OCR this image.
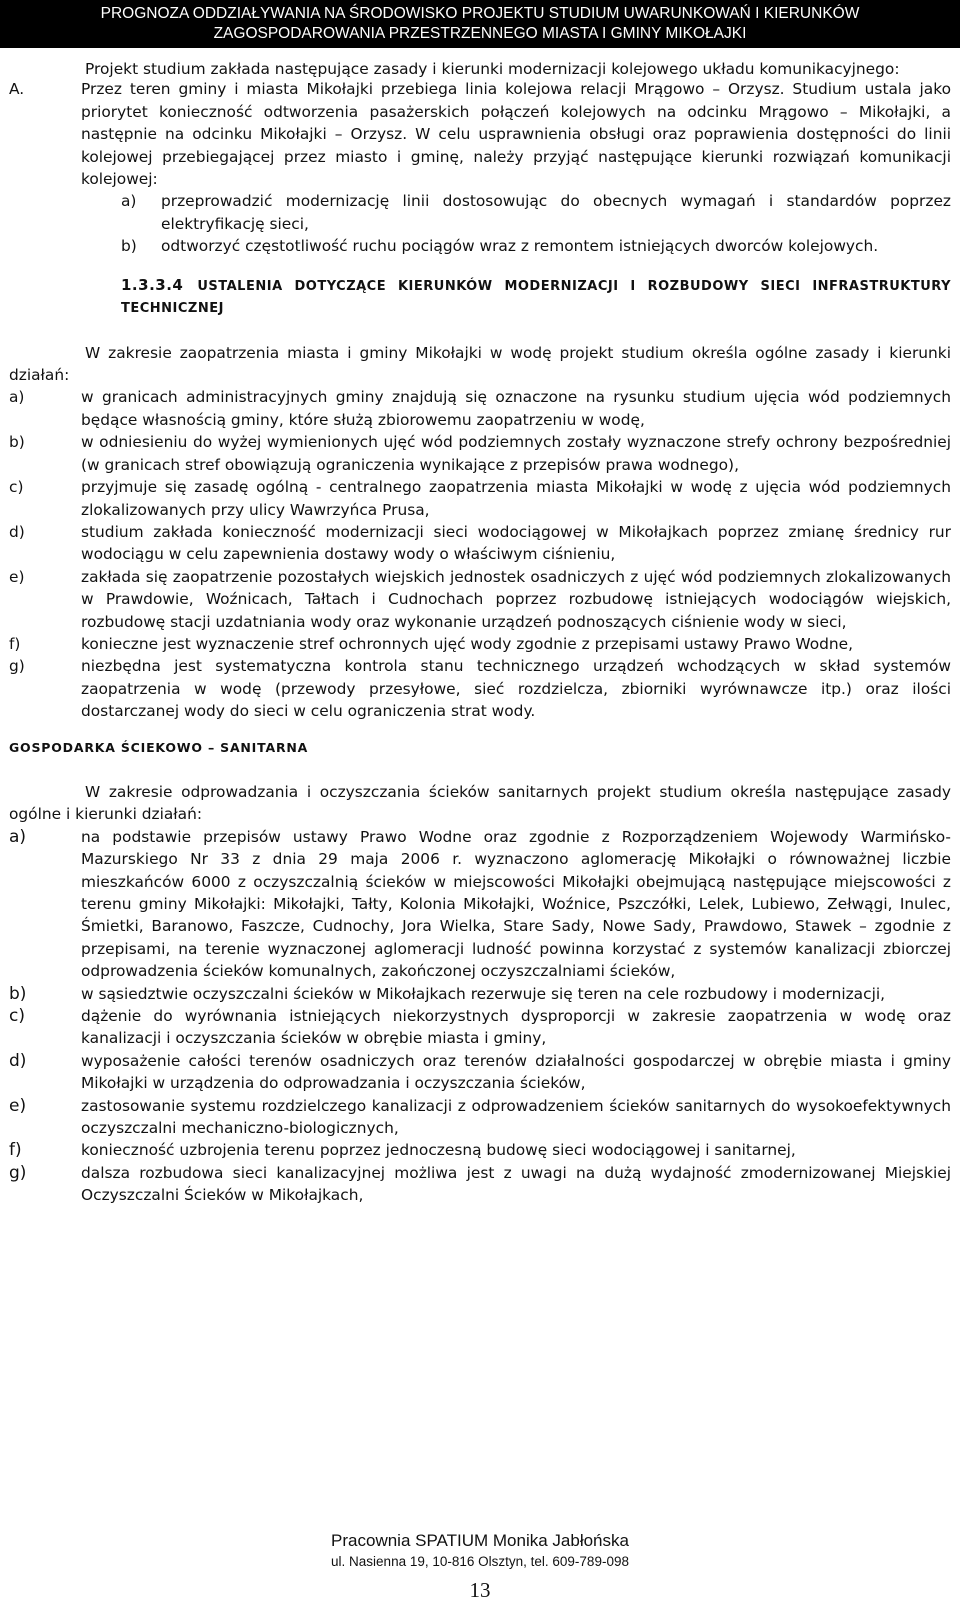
PROGNOZA ODDZIAŁYWANIA NA ŚRODOWISKO PROJEKTU STUDIUM UWARUNKOWAŃ I KIERUNKÓW
ZAGOSPODAROWANIA PRZESTRZENNEGO MIASTA I GMINY MIKOŁAJKI

Projekt studium zakłada następujące zasady i kierunki modernizacji kolejowego układu komunikacyjnego:

A.	Przez teren gminy i miasta Mikołajki przebiega linia kolejowa relacji Mrągowo – Orzysz. Studium ustala jako priorytet konieczność odtworzenia pasażerskich połączeń kolejowych na odcinku Mrągowo – Mikołajki, a następnie na odcinku Mikołajki – Orzysz. W celu usprawnienia obsługi oraz poprawienia dostępności do linii kolejowej przebiegającej przez miasto i gminę, należy przyjąć następujące kierunki rozwiązań komunikacji kolejowej:
a)	przeprowadzić modernizację linii dostosowując do obecnych wymagań i standardów poprzez elektryfikację sieci,
b)	odtworzyć częstotliwość ruchu pociągów wraz z remontem istniejących dworców kolejowych.
1.3.3.4 USTALENIA DOTYCZĄCE KIERUNKÓW MODERNIZACJI I ROZBUDOWY SIECI INFRASTRUKTURY TECHNICZNEJ

W zakresie zaopatrzenia miasta i gminy Mikołajki w wodę projekt studium określa ogólne zasady i kierunki działań:

a)	w granicach administracyjnych gminy znajdują się oznaczone na rysunku studium ujęcia wód podziemnych będące własnością gminy, które służą zbiorowemu zaopatrzeniu w wodę,
b)	w odniesieniu do wyżej wymienionych ujęć wód podziemnych zostały wyznaczone strefy ochrony bezpośredniej (w granicach stref obowiązują ograniczenia wynikające z przepisów prawa wodnego),
c)	przyjmuje się zasadę ogólną - centralnego zaopatrzenia miasta Mikołajki w wodę z ujęcia wód podziemnych zlokalizowanych przy ulicy Wawrzyńca Prusa,
d)	studium zakłada konieczność modernizacji sieci wodociągowej w Mikołajkach poprzez zmianę średnicy rur wodociągu w celu zapewnienia dostawy wody o właściwym ciśnieniu,
e)	zakłada się zaopatrzenie pozostałych wiejskich jednostek osadniczych z ujęć wód podziemnych zlokalizowanych w Prawdowie, Woźnicach, Tałtach i Cudnochach poprzez rozbudowę istniejących wodociągów wiejskich, rozbudowę stacji uzdatniania wody oraz wykonanie urządzeń podnoszących ciśnienie wody w sieci,
f)	konieczne jest wyznaczenie stref ochronnych ujęć wody zgodnie z przepisami ustawy Prawo Wodne,
g)	niezbędna jest systematyczna kontrola stanu technicznego urządzeń wchodzących w skład systemów zaopatrzenia w wodę (przewody przesyłowe, sieć rozdzielcza, zbiorniki wyrównawcze itp.) oraz ilości dostarczanej wody do sieci w celu ograniczenia strat wody.
GOSPODARKA ŚCIEKOWO – SANITARNA

W zakresie odprowadzania i oczyszczania ścieków sanitarnych projekt studium określa następujące zasady ogólne i kierunki działań:

a)	na podstawie przepisów ustawy Prawo Wodne oraz zgodnie z Rozporządzeniem Wojewody Warmińsko-Mazurskiego Nr 33 z dnia 29 maja 2006 r. wyznaczono aglomerację Mikołajki o równoważnej liczbie mieszkańców 6000 z oczyszczalnią ścieków w miejscowości Mikołajki obejmującą następujące miejscowości z terenu gminy Mikołajki: Mikołajki, Tałty, Kolonia Mikołajki, Woźnice, Pszczółki, Lelek, Lubiewo, Zełwągi, Inulec, Śmietki, Baranowo, Faszcze, Cudnochy, Jora Wielka, Stare Sady, Nowe Sady, Prawdowo, Stawek – zgodnie z przepisami, na terenie wyznaczonej aglomeracji ludność powinna korzystać z systemów kanalizacji zbiorczej odprowadzenia ścieków komunalnych, zakończonej oczyszczalniami ścieków,
b)	w sąsiedztwie oczyszczalni ścieków w Mikołajkach rezerwuje się teren na cele rozbudowy i modernizacji,
c)	dążenie do wyrównania istniejących niekorzystnych dysproporcji w zakresie zaopatrzenia w wodę oraz kanalizacji i oczyszczania ścieków w obrębie miasta i gminy,
d)	wyposażenie całości terenów osadniczych oraz terenów działalności gospodarczej w obrębie miasta i gminy Mikołajki w urządzenia do odprowadzania i oczyszczania ścieków,
e)	zastosowanie systemu rozdzielczego kanalizacji z odprowadzeniem ścieków sanitarnych do wysokoefektywnych oczyszczalni mechaniczno-biologicznych,
f)	konieczność uzbrojenia terenu poprzez jednoczesną budowę sieci wodociągowej i sanitarnej,
g)	dalsza rozbudowa sieci kanalizacyjnej możliwa jest z uwagi na dużą wydajność zmodernizowanej Miejskiej Oczyszczalni Ścieków w Mikołajkach,
Pracownia SPATIUM Monika Jabłońska
ul. Nasienna 19, 10-816 Olsztyn, tel. 609-789-098
13
